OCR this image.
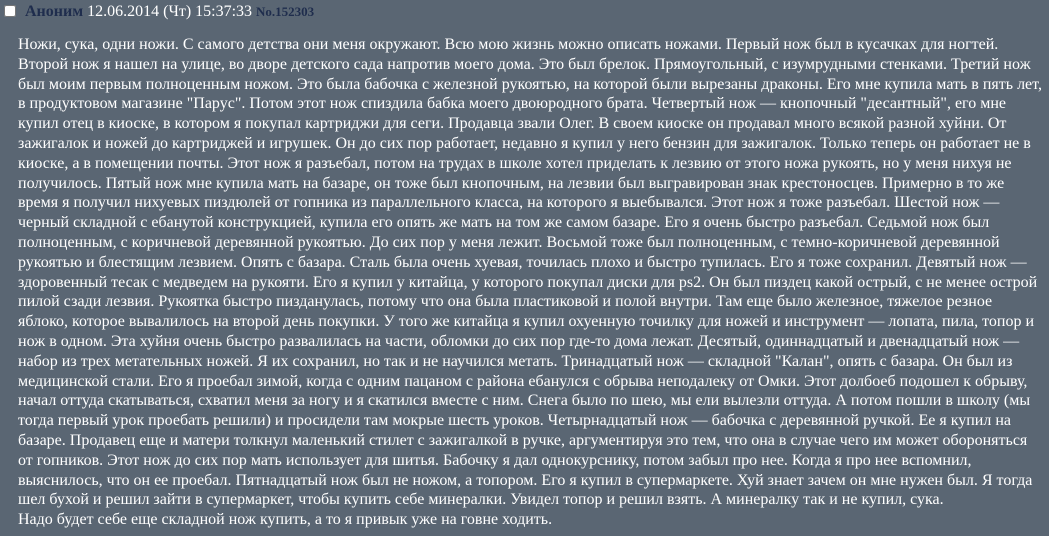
Аноним 12.06.2014 (Чт) 15:37:33 No.152303
Ножи, сука, одни ножи. С самого детства они меня окружают. Всю мою жизнь можно описать ножами. Первый нож был в кусачках для ногтей. Второй нож я нашел на улице, во дворе детского сада напротив моего дома. Это был брелок. Прямоугольный, с изумрудными стенками. Третий нож был моим первым полноценным ножом. Это была бабочка с железной рукоятью, на которой были вырезаны драконы. Его мне купила мать в пять лет, в продуктовом магазине "Парус". Потом этот нож спиздила бабка моего двоюродного брата. Четвертый нож — кнопочный "десантный", его мне купил отец в киоске, в котором я покупал картриджи для сеги. Продавца звали Олег. В своем киоске он продавал много всякой разной хуйни. От зажигалок и ножей до картриджей и игрушек. Он до сих пор работает, недавно я купил у него бензин для зажигалок. Только теперь он работает не в киоске, а в помещении почты. Этот нож я разъебал, потом на трудах в школе хотел приделать к лезвию от этого ножа рукоять, но у меня нихуя не получилось. Пятый нож мне купила мать на базаре, он тоже был кнопочным, на лезвии был выгравирован знак крестоносцев. Примерно в то же время я получил нихуевых пиздюлей от гопника из параллельного класса, на которого я выебывался. Этот нож я тоже разъебал. Шестой нож — черный складной с ебанутой конструкцией, купила его опять же мать на том же самом базаре. Его я очень быстро разъебал. Седьмой нож был полноценным, с коричневой деревянной рукоятью. До сих пор у меня лежит. Восьмой тоже был полноценным, с темно-коричневой деревянной рукоятью и блестящим лезвием. Опять с базара. Сталь была очень хуевая, точилась плохо и быстро тупилась. Его я тоже сохранил. Девятый нож — здоровенный тесак с медведем на рукояти. Его я купил у китайца, у которого покупал диски для ps2. Он был пиздец какой острый, с не менее острой пилой сзади лезвия. Рукоятка быстро пизданулась, потому что она была пластиковой и полой внутри. Там еще было железное, тяжелое резное яблоко, которое вывалилось на второй день покупки. У того же китайца я купил охуенную точилку для ножей и инструмент — лопата, пила, топор и нож в одном. Эта хуйня очень быстро развалилась на части, обломки до сих пор где-то дома лежат. Десятый, одиннадцатый и двенадцатый нож — набор из трех метательных ножей. Я их сохранил, но так и не научился метать. Тринадцатый нож — складной "Калан", опять с базара. Он был из медицинской стали. Его я проебал зимой, когда с одним пацаном с района ебанулся с обрыва неподалеку от Омки. Этот долбоеб подошел к обрыву, начал оттуда скатываться, схватил меня за ногу и я скатился вместе с ним. Снега было по шею, мы ели вылезли оттуда. А потом пошли в школу (мы тогда первый урок проебать решили) и просидели там мокрые шесть уроков. Четырнадцатый нож — бабочка с деревянной ручкой. Ее я купил на базаре. Продавец еще и матери толкнул маленький стилет с зажигалкой в ручке, аргументируя это тем, что она в случае чего им может обороняться от гопников. Этот нож до сих пор мать использует для шитья. Бабочку я дал однокурснику, потом забыл про нее. Когда я про нее вспомнил, выяснилось, что он ее проебал. Пятнадцатый нож был не ножом, а топором. Его я купил в супермаркете. Хуй знает зачем он мне нужен был. Я тогда шел бухой и решил зайти в супермаркет, чтобы купить себе минералки. Увидел топор и решил взять. А минералку так и не купил, сука.
Надо будет себе еще складной нож купить, а то я привык уже на говне ходить.
